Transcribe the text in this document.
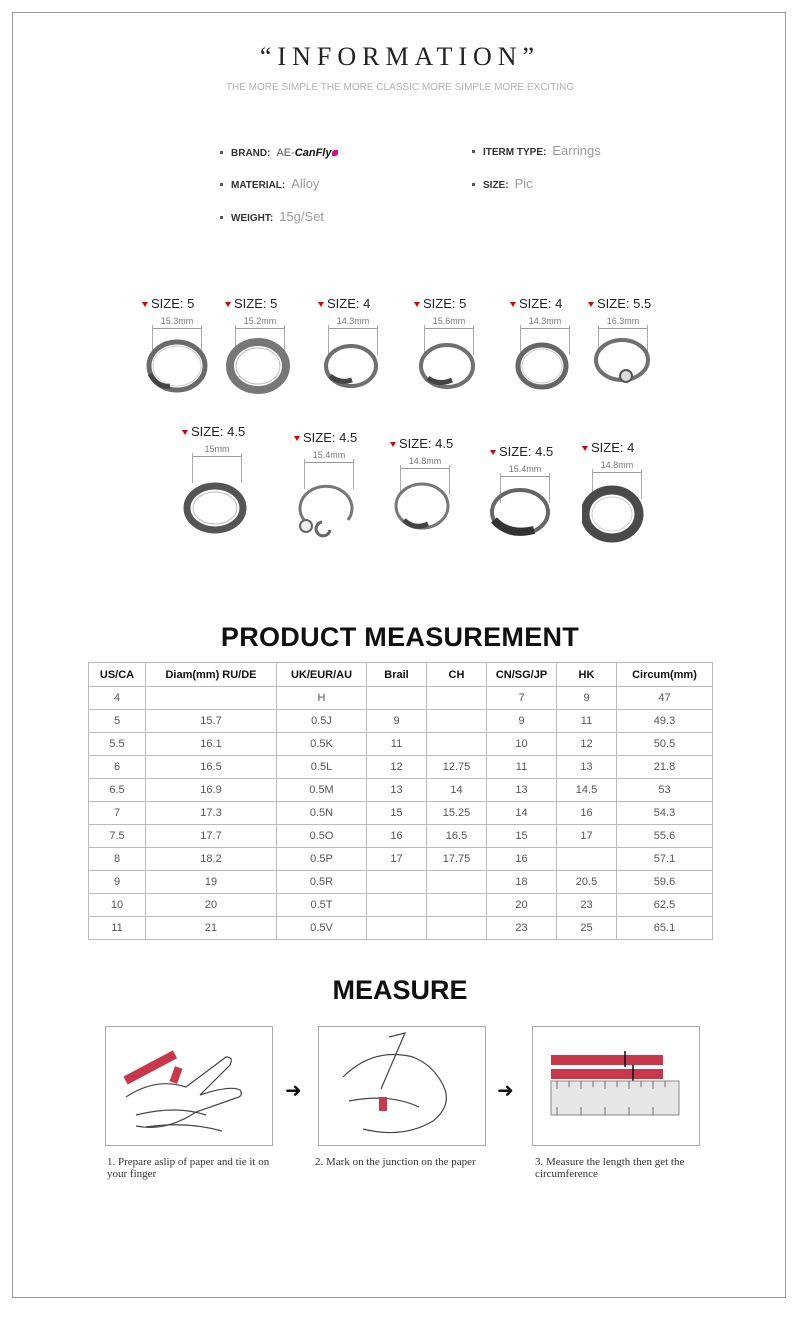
“INFORMATION”
THE MORE SIMPLE THE MORE CLASSIC MORE SIMPLE MORE EXCITING
BRAND: AE-CanFly	ITERM TYPE: Earrings
MATERIAL: Alloy	SIZE: Pic
WEIGHT: 15g/Set
SIZE: 5
15.3mm
SIZE: 5
15.2mm
SIZE: 4
14.3mm
SIZE: 5
15.6mm
SIZE: 4
14.3mm
SIZE: 5.5
16.3mm
SIZE: 4.5
15mm
SIZE: 4.5
15.4mm
SIZE: 4.5
14.8mm
SIZE: 4.5
15.4mm
SIZE: 4
14.8mm
PRODUCT MEASUREMENT
US/CA	Diam(mm) RU/DE	UK/EUR/AU	Brail	CH	CN/SG/JP	HK	Circum(mm)
4		H			7	9	47
5	15.7	0.5J	9		9	11	49.3
5.5	16.1	0.5K	11		10	12	50.5
6	16.5	0.5L	12	12.75	11	13	21.8
6.5	16.9	0.5M	13	14	13	14.5	53
7	17.3	0.5N	15	15.25	14	16	54.3
7.5	17.7	0.5O	16	16.5	15	17	55.6
8	18.2	0.5P	17	17.75	16		57.1
9	19	0.5R			18	20.5	59.6
10	20	0.5T			20	23	62.5
11	21	0.5V			23	25	65.1
MEASURE
➜	➜
1. Prepare aslip of paper and tie it on your finger
2. Mark on the junction on the paper	3. Measure the length then get the circumference
